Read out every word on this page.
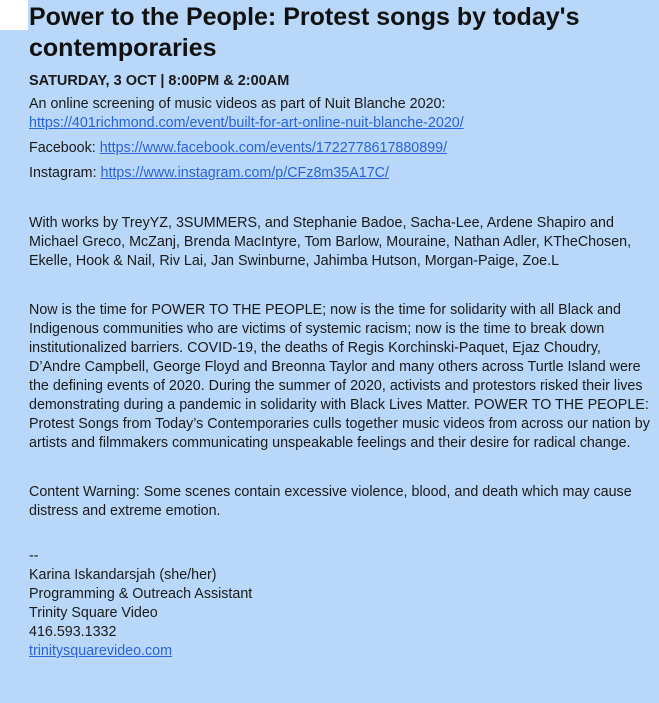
Power to the People: Protest songs by today's contemporaries
SATURDAY, 3 OCT | 8:00PM & 2:00AM

An online screening of music videos as part of Nuit Blanche 2020: https://401richmond.com/event/built-for-art-online-nuit-blanche-2020/

Facebook: https://www.facebook.com/events/1722778617880899/

Instagram: https://www.instagram.com/p/CFz8m35A17C/

With works by TreyYZ, 3SUMMERS, and Stephanie Badoe, Sacha-Lee, Ardene Shapiro and Michael Greco, McZanj, Brenda MacIntyre, Tom Barlow, Mouraine, Nathan Adler, KTheChosen, Ekelle, Hook & Nail, Riv Lai, Jan Swinburne, Jahimba Hutson, Morgan-Paige, Zoe.L

Now is the time for POWER TO THE PEOPLE; now is the time for solidarity with all Black and Indigenous communities who are victims of systemic racism; now is the time to break down institutionalized barriers. COVID-19, the deaths of Regis Korchinski-Paquet, Ejaz Choudry, D’Andre Campbell, George Floyd and Breonna Taylor and many others across Turtle Island were the defining events of 2020. During the summer of 2020, activists and protestors risked their lives demonstrating during a pandemic in solidarity with Black Lives Matter. POWER TO THE PEOPLE: Protest Songs from Today’s Contemporaries culls together music videos from across our nation by artists and filmmakers communicating unspeakable feelings and their desire for radical change.

Content Warning: Some scenes contain excessive violence, blood, and death which may cause distress and extreme emotion.

--

Karina Iskandarsjah (she/her)

Programming & Outreach Assistant

Trinity Square Video

416.593.1332

trinitysquarevideo.com
